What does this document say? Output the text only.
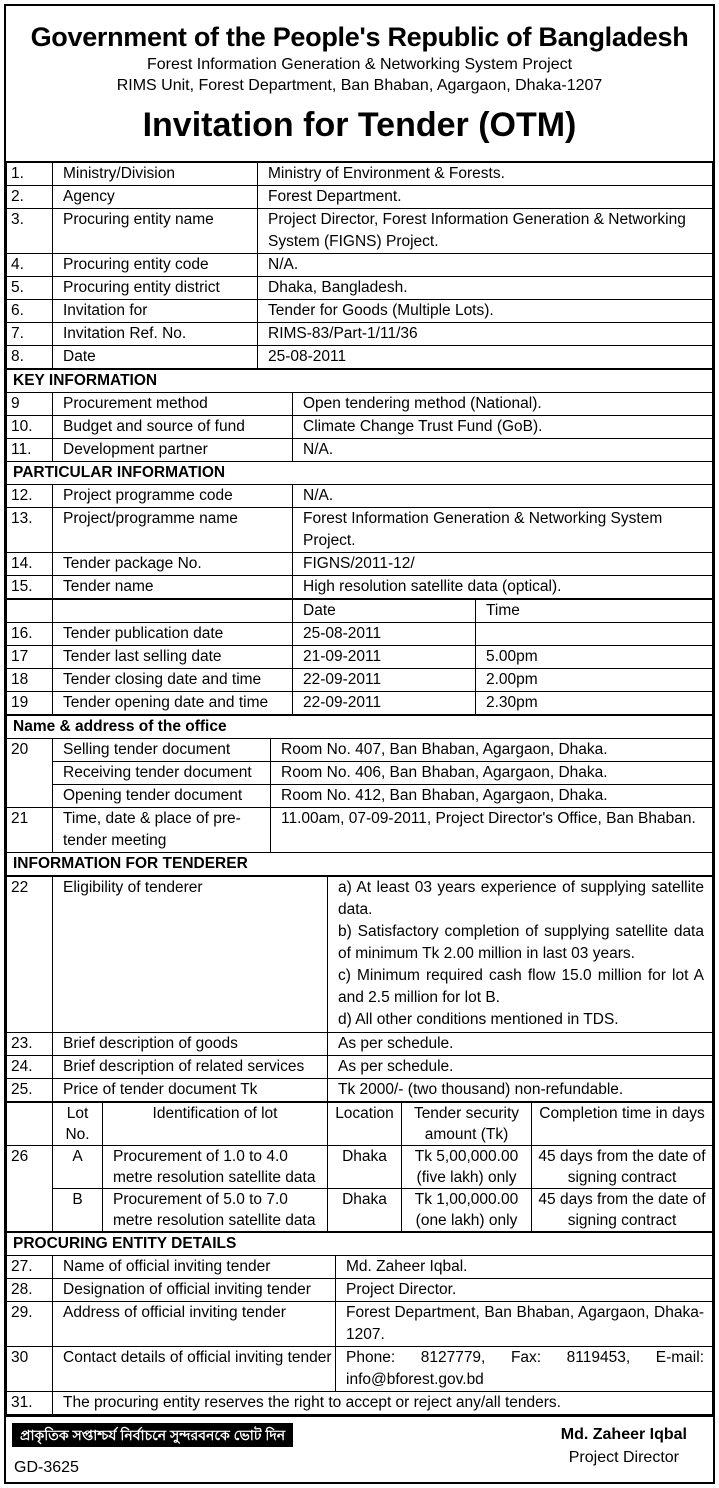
Government of the People's Republic of Bangladesh
Forest Information Generation & Networking System Project
RIMS Unit, Forest Department, Ban Bhaban, Agargaon, Dhaka-1207
Invitation for Tender (OTM)
1.	Ministry/Division	Ministry of Environment & Forests.
2.	Agency	Forest Department.
3.	Procuring entity name	Project Director, Forest Information Generation & Networking System (FIGNS) Project.
4.	Procuring entity code	N/A.
5.	Procuring entity district	Dhaka, Bangladesh.
6.	Invitation for	Tender for Goods (Multiple Lots).
7.	Invitation Ref. No.	RIMS-83/Part-1/11/36
8.	Date	25-08-2011
KEY INFORMATION		
9	Procurement method	Open tendering method (National).
10.	Budget and source of fund	Climate Change Trust Fund (GoB).
11.	Development partner	N/A.
PARTICULAR INFORMATION		
12.	Project programme code	N/A.
13.	Project/programme name	Forest Information Generation & Networking System Project.
14.	Tender package No.	FIGNS/2011-12/
15.	Tender name	High resolution satellite data (optical).
		Date	Time
16.	Tender publication date	25-08-2011	
17	Tender last selling date	21-09-2011	5.00pm
18	Tender closing date and time	22-09-2011	2.00pm
19	Tender opening date and time	22-09-2011	2.30pm
Name & address of the office		
20	Selling tender document	Room No. 407, Ban Bhaban, Agargaon, Dhaka.
	Receiving tender document	Room No. 406, Ban Bhaban, Agargaon, Dhaka.
	Opening tender document	Room No. 412, Ban Bhaban, Agargaon, Dhaka.
21	Time, date & place of pre-tender meeting	11.00am, 07-09-2011, Project Director's Office, Ban Bhaban.
INFORMATION FOR TENDERER		
22	Eligibility of tenderer	a) At least 03 years experience of supplying satellite data.
b) Satisfactory completion of supplying satellite data of minimum Tk 2.00 million in last 03 years.
c) Minimum required cash flow 15.0 million for lot A and 2.5 million for lot B.
d) All other conditions mentioned in TDS.

23.	Brief description of goods	As per schedule.
24.	Brief description of related services	As per schedule.
25.	Price of tender document Tk	Tk 2000/- (two thousand) non-refundable.
	Lot No.	Identification of lot	Location	Tender security amount (Tk)	Completion time in days
26	A	Procurement of 1.0 to 4.0 metre resolution satellite data	Dhaka	Tk 5,00,000.00 (five lakh) only	45 days from the date of signing contract
	B	Procurement of 5.0 to 7.0 metre resolution satellite data	Dhaka	Tk 1,00,000.00 (one lakh) only	45 days from the date of signing contract
PROCURING ENTITY DETAILS		
27.	Name of official inviting tender	Md. Zaheer Iqbal.
28.	Designation of official inviting tender	Project Director.
29.	Address of official inviting tender	Forest Department, Ban Bhaban, Agargaon, Dhaka-1207.
30	Contact details of official inviting tender	Phone: 8127779, Fax: 8119453, E-mail: info@bforest.gov.bd
31.	The procuring entity reserves the right to accept or reject any/all tenders.	
প্রাকৃতিক সপ্তাশ্চর্য নির্বাচনে সুন্দরবনকে ভোট দিন
GD-3625
Md. Zaheer Iqbal
Project Director
